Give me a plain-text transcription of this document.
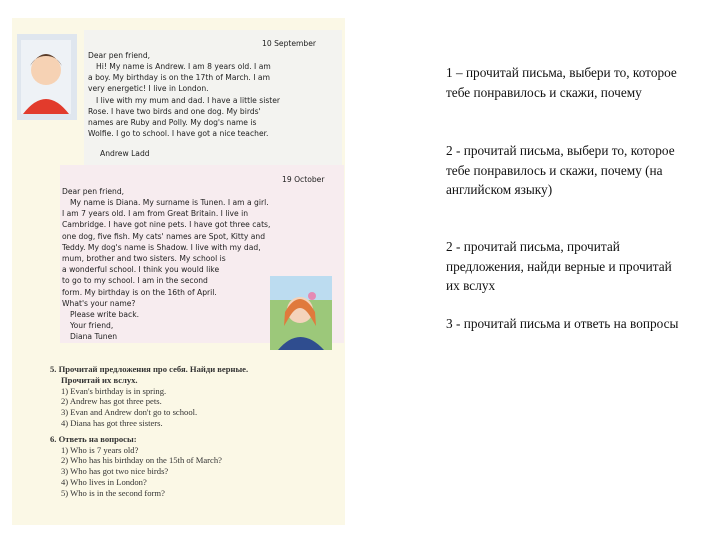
10 September
Dear pen friend,
Hi! My name is Andrew. I am 8 years old. I am
a boy. My birthday is on the 17th of March. I am
very energetic! I live in London.
I live with my mum and dad. I have a little sister
Rose. I have two birds and one dog. My birds'
names are Ruby and Polly. My dog's name is
Wolfie. I go to school. I have got a nice teacher.
Andrew Ladd
19 October
Dear pen friend,
My name is Diana. My surname is Tunen. I am a girl.
I am 7 years old. I am from Great Britain. I live in
Cambridge. I have got nine pets. I have got three cats,
one dog, five fish. My cats' names are Spot, Kitty and
Teddy. My dog's name is Shadow. I live with my dad,
mum, brother and two sisters. My school is
a wonderful school. I think you would like
to go to my school. I am in the second
form. My birthday is on the 16th of April.
What's your name?
Please write back.
Your friend,
Diana Tunen
5. Прочитай предложения про себя. Найди верные.
Прочитай их вслух.
1) Evan's birthday is in spring.
2) Andrew has got three pets.
3) Evan and Andrew don't go to school.
4) Diana has got three sisters.
6. Ответь на вопросы:
1) Who is 7 years old?
2) Who has his birthday on the 15th of March?
3) Who has got two nice birds?
4) Who lives in London?
5) Who is in the second form?

1 – прочитай письма, выбери то, которое тебе понравилось и скажи, почему

2 - прочитай письма, выбери то, которое тебе понравилось и скажи, почему (на английском языку)

2 - прочитай письма, прочитай предложения, найди верные и прочитай их вслух

3 - прочитай письма и ответь на вопросы
